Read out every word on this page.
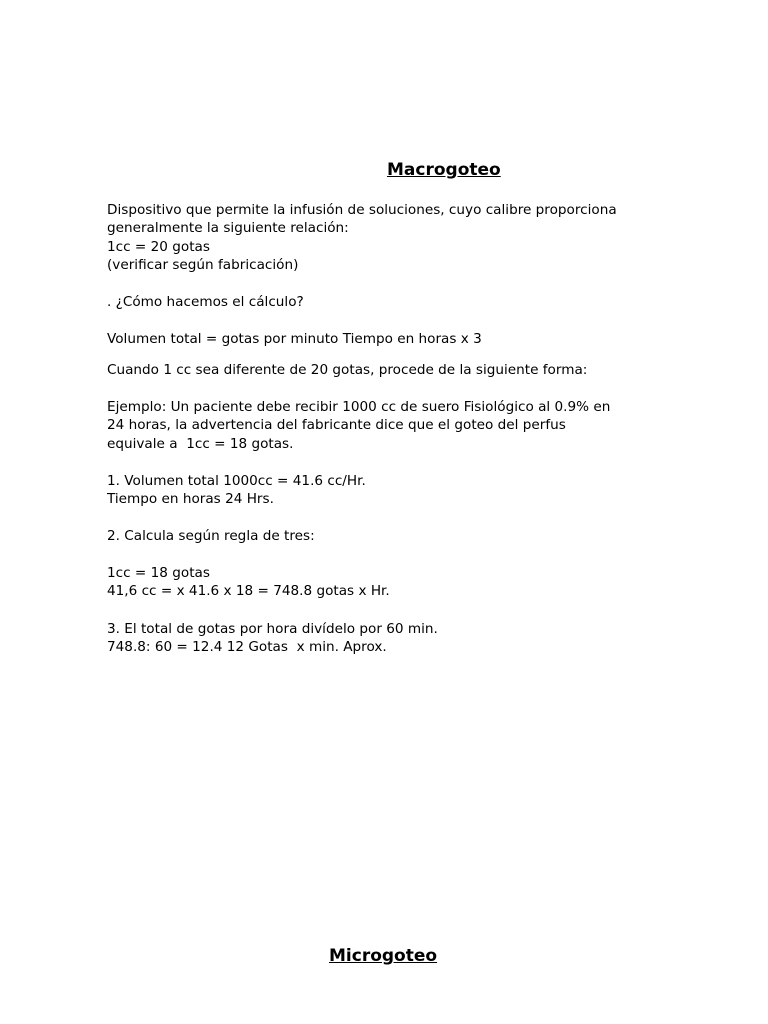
Macrogoteo
Dispositivo que permite la infusión de soluciones, cuyo calibre proporciona
generalmente la siguiente relación:
1cc = 20 gotas
(verificar según fabricación)
. ¿Cómo hacemos el cálculo?
Volumen total = gotas por minuto Tiempo en horas x 3
Cuando 1 cc sea diferente de 20 gotas, procede de la siguiente forma:
Ejemplo: Un paciente debe recibir 1000 cc de suero Fisiológico al 0.9% en
24 horas, la advertencia del fabricante dice que el goteo del perfus
equivale a  1cc = 18 gotas.
1. Volumen total 1000cc = 41.6 cc/Hr.
Tiempo en horas 24 Hrs.
2. Calcula según regla de tres:
1cc = 18 gotas
41,6 cc = x 41.6 x 18 = 748.8 gotas x Hr.
3. El total de gotas por hora divídelo por 60 min.
748.8: 60 = 12.4 12 Gotas  x min. Aprox.
Microgoteo
